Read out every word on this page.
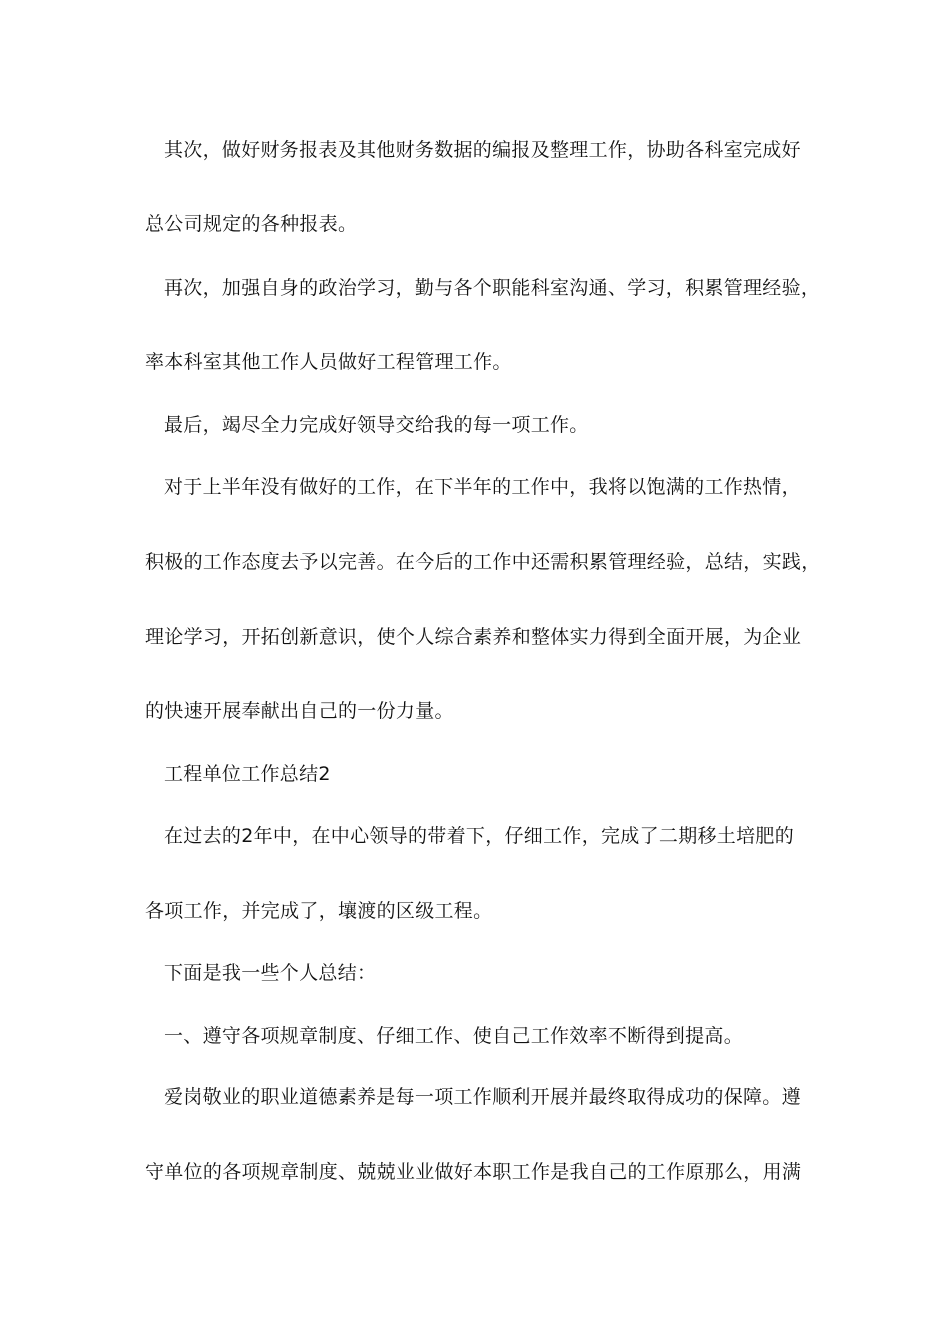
其次，做好财务报表及其他财务数据的编报及整理工作，协助各科室完成好
总公司规定的各种报表。
再次，加强自身的政治学习，勤与各个职能科室沟通、学习，积累管理经验，
率本科室其他工作人员做好工程管理工作。
最后，竭尽全力完成好领导交给我的每一项工作。
对于上半年没有做好的工作，在下半年的工作中，我将以饱满的工作热情，
积极的工作态度去予以完善。在今后的工作中还需积累管理经验，总结，实践，
理论学习，开拓创新意识，使个人综合素养和整体实力得到全面开展，为企业
的快速开展奉献出自己的一份力量。
工程单位工作总结2
在过去的2年中，在中心领导的带着下，仔细工作，完成了二期移土培肥的
各项工作，并完成了，壤渡的区级工程。
下面是我一些个人总结：
一、遵守各项规章制度、仔细工作、使自己工作效率不断得到提高。
爱岗敬业的职业道德素养是每一项工作顺利开展并最终取得成功的保障。遵
守单位的各项规章制度、兢兢业业做好本职工作是我自己的工作原那么，用满
